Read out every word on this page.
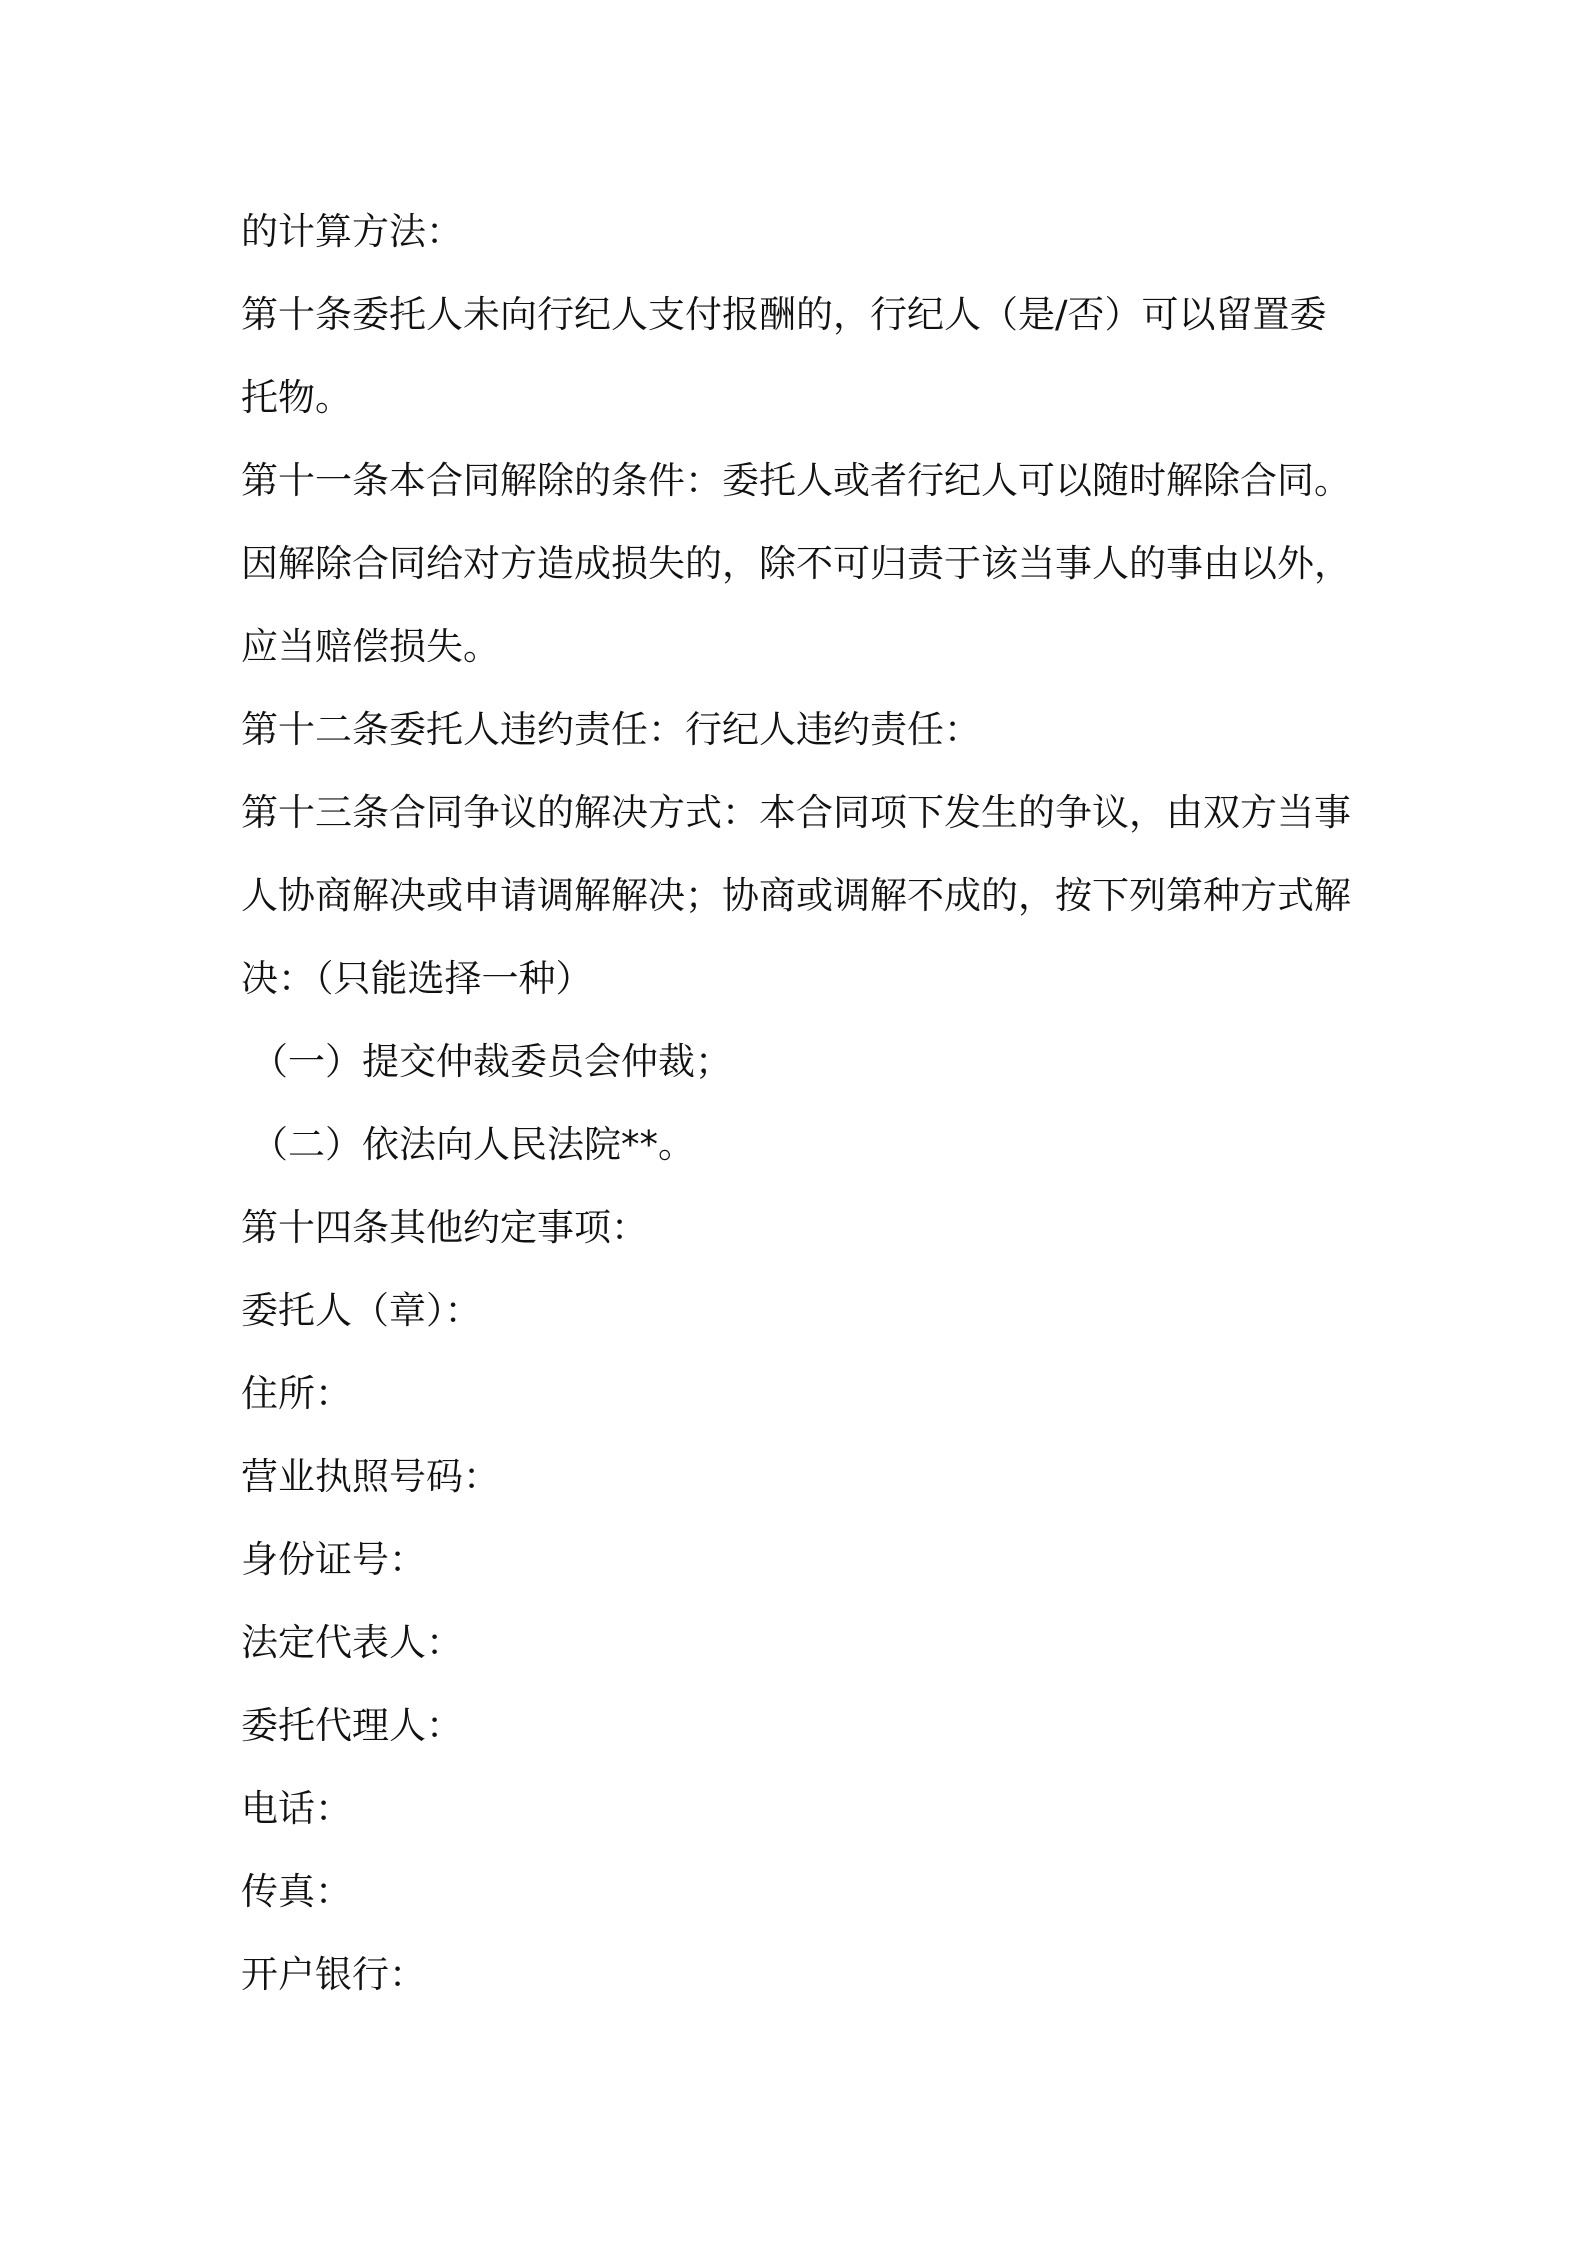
的计算方法：
第十条委托人未向行纪人支付报酬的，行纪人（是/否）可以留置委
托物。
第十一条本合同解除的条件：委托人或者行纪人可以随时解除合同。
因解除合同给对方造成损失的，除不可归责于该当事人的事由以外，
应当赔偿损失。
第十二条委托人违约责任：行纪人违约责任：
第十三条合同争议的解决方式：本合同项下发生的争议，由双方当事
人协商解决或申请调解解决；协商或调解不成的，按下列第种方式解
决：（只能选择一种）
（一）提交仲裁委员会仲裁；
（二）依法向人民法院**。
第十四条其他约定事项：
委托人（章）：
住所：
营业执照号码：
身份证号：
法定代表人：
委托代理人：
电话：
传真：
开户银行：
